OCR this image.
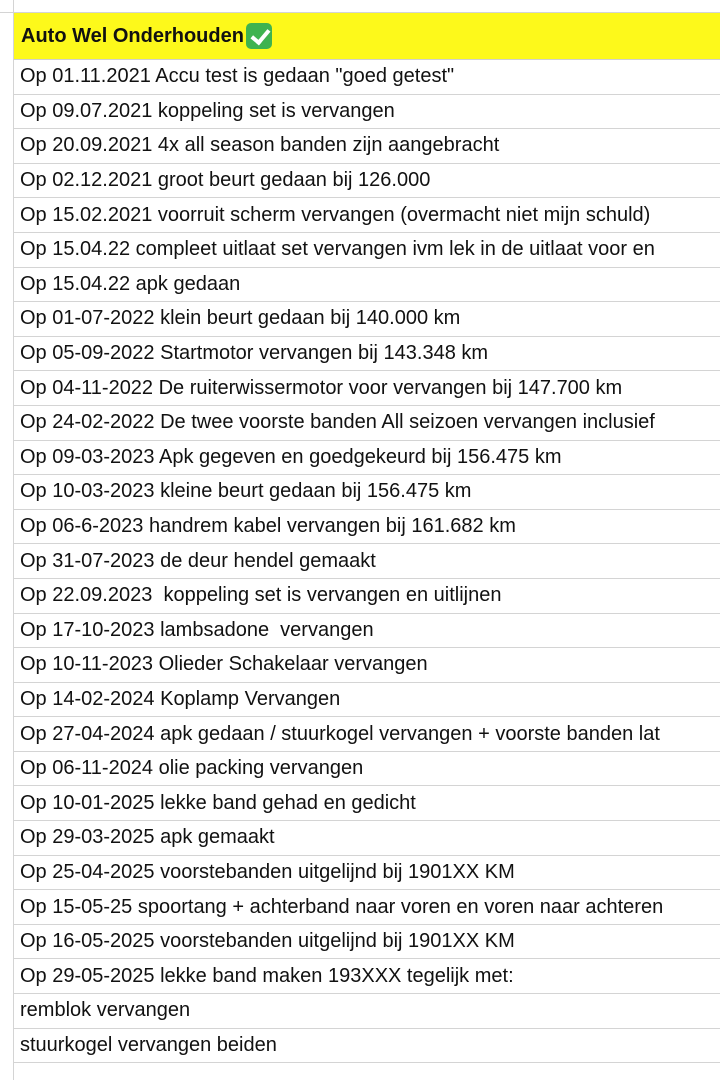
Auto Wel Onderhouden
Op 01.11.2021 Accu test is gedaan "goed getest"
Op 09.07.2021 koppeling set is vervangen
Op 20.09.2021 4x all season banden zijn aangebracht
Op 02.12.2021 groot beurt gedaan bij 126.000
Op 15.02.2021 voorruit scherm vervangen (overmacht niet mijn schuld)
Op 15.04.22 compleet uitlaat set vervangen ivm lek in de uitlaat voor en
Op 15.04.22 apk gedaan
Op 01-07-2022 klein beurt gedaan bij 140.000 km
Op 05-09-2022 Startmotor vervangen bij 143.348 km
Op 04-11-2022 De ruiterwissermotor voor vervangen bij 147.700 km
Op 24-02-2022 De twee voorste banden All seizoen vervangen inclusief
Op 09-03-2023 Apk gegeven en goedgekeurd bij 156.475 km
Op 10-03-2023 kleine beurt gedaan bij 156.475 km
Op 06-6-2023 handrem kabel vervangen bij 161.682 km
Op 31-07-2023 de deur hendel gemaakt
Op 22.09.2023  koppeling set is vervangen en uitlijnen
Op 17-10-2023 lambsadone  vervangen
Op 10-11-2023 Olieder Schakelaar vervangen
Op 14-02-2024 Koplamp Vervangen
Op 27-04-2024 apk gedaan / stuurkogel vervangen + voorste banden lat
Op 06-11-2024 olie packing vervangen
Op 10-01-2025 lekke band gehad en gedicht
Op 29-03-2025 apk gemaakt
Op 25-04-2025 voorstebanden uitgelijnd bij 1901XX KM
Op 15-05-25 spoortang + achterband naar voren en voren naar achteren
Op 16-05-2025 voorstebanden uitgelijnd bij 1901XX KM
Op 29-05-2025 lekke band maken 193XXX tegelijk met:
remblok vervangen
stuurkogel vervangen beiden
